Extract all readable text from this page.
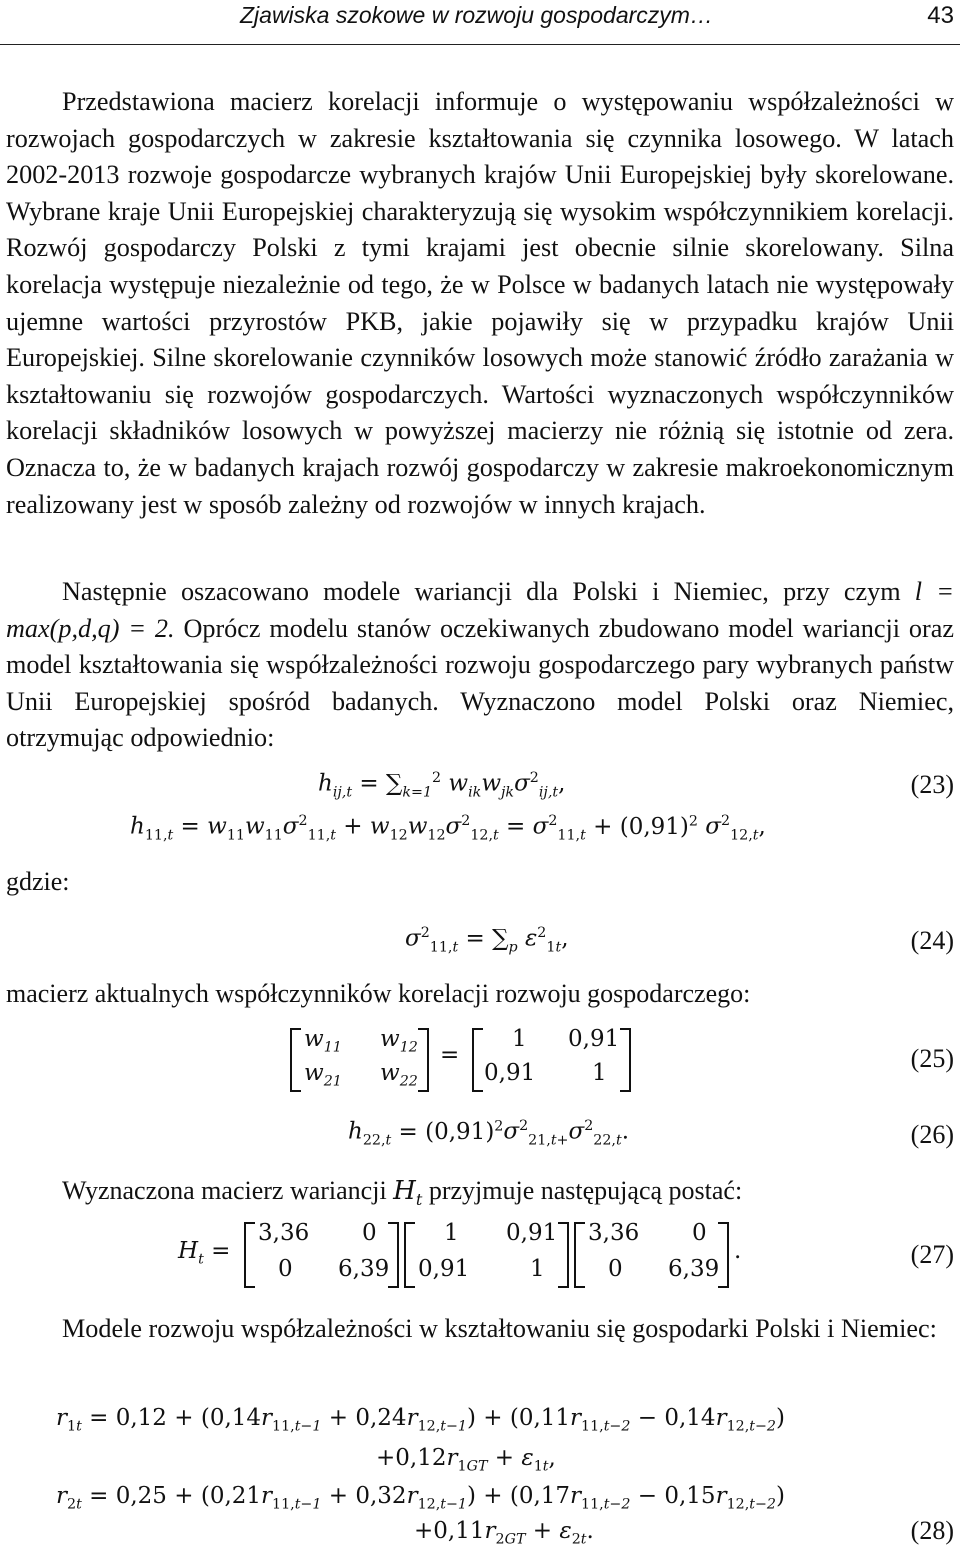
Zjawiska szokowe w rozwoju gospodarczym…	43

Przedstawiona macierz korelacji informuje o występowaniu współzależności w rozwojach gospodarczych w zakresie kształtowania się czynnika losowego. W latach 2002-2013 rozwoje gospodarcze wybranych krajów Unii Europejskiej były skorelowane. Wybrane kraje Unii Europejskiej charakteryzują się wysokim współczynnikiem korelacji. Rozwój gospodarczy Polski z tymi krajami jest obecnie silnie skorelowany. Silna korelacja występuje niezależnie od tego, że w Polsce w badanych latach nie występowały ujemne wartości przyrostów PKB, jakie pojawiły się w przypadku krajów Unii Europejskiej. Silne skorelowanie czynników losowych może stanowić źródło zarażania w kształtowaniu się rozwojów gospodarczych. Wartości wyznaczonych współczynników korelacji składników losowych w powyższej macierzy nie różnią się istotnie od zera. Oznacza to, że w badanych krajach rozwój gospodarczy w zakresie makroekonomicznym realizowany jest w sposób zależny od rozwojów w innych krajach.

Następnie oszacowano modele wariancji dla Polski i Niemiec, przy czym l = max(p,d,q) = 2. Oprócz modelu stanów oczekiwanych zbudowano model wariancji oraz model kształtowania się współzależności rozwoju gospodarczego pary wybranych państw Unii Europejskiej spośród badanych. Wyznaczono model Polski oraz Niemiec, otrzymując odpowiednio:

$h_{ij,t} = \sum_{k=1}^2$ $w_{ik}w_{jk}\sigma^2_{ij,t}$,	(23)
$h_{11,t} = w_{11}w_{11}\sigma^2_{11,t} + w_{12}w_{12}\sigma^2_{12,t} = \sigma^2_{11,t} + (0,91)^2$ $\sigma^2_{12,t}$,
gdzie:
$\sigma^2_{11,t} = \sum_p$ $\varepsilon^2_{1t}$,	(24)
macierz aktualnych współczynników korelacji rozwoju gospodarczego:
$w_{11}$ $w_{12}$
$w_{21}$ $w_{22}$
=
1 0,91
0,91 1	(25)
$h_{22,t} = (0,91)^2\sigma^2_{21,t+}\sigma^2_{22,t}$.	(26)
Wyznaczona macierz wariancji $H_t$ przyjmuje następującą postać:
$H_t$ =
3,36 0
0 6,39
1 0,91
0,91	1
3,36 0
0 6,39
.	(27)

Modele rozwoju współzależności w kształtowaniu się gospodarki Polski i Niemiec:

$r_{1t} = 0,12 + (0,14r_{11,t-1} + 0,24r_{12,t-1}) + (0,11r_{11,t-2} - 0,14r_{12,t-2})$
$+0,12r_{1GT} + \varepsilon_{1t}$,
$r_{2t} = 0,25 + (0,21r_{11,t-1} + 0,32r_{12,t-1}) + (0,17r_{11,t-2} - 0,15r_{12,t-2})$
$+0,11r_{2GT} + \varepsilon_{2t}$.	(28)
